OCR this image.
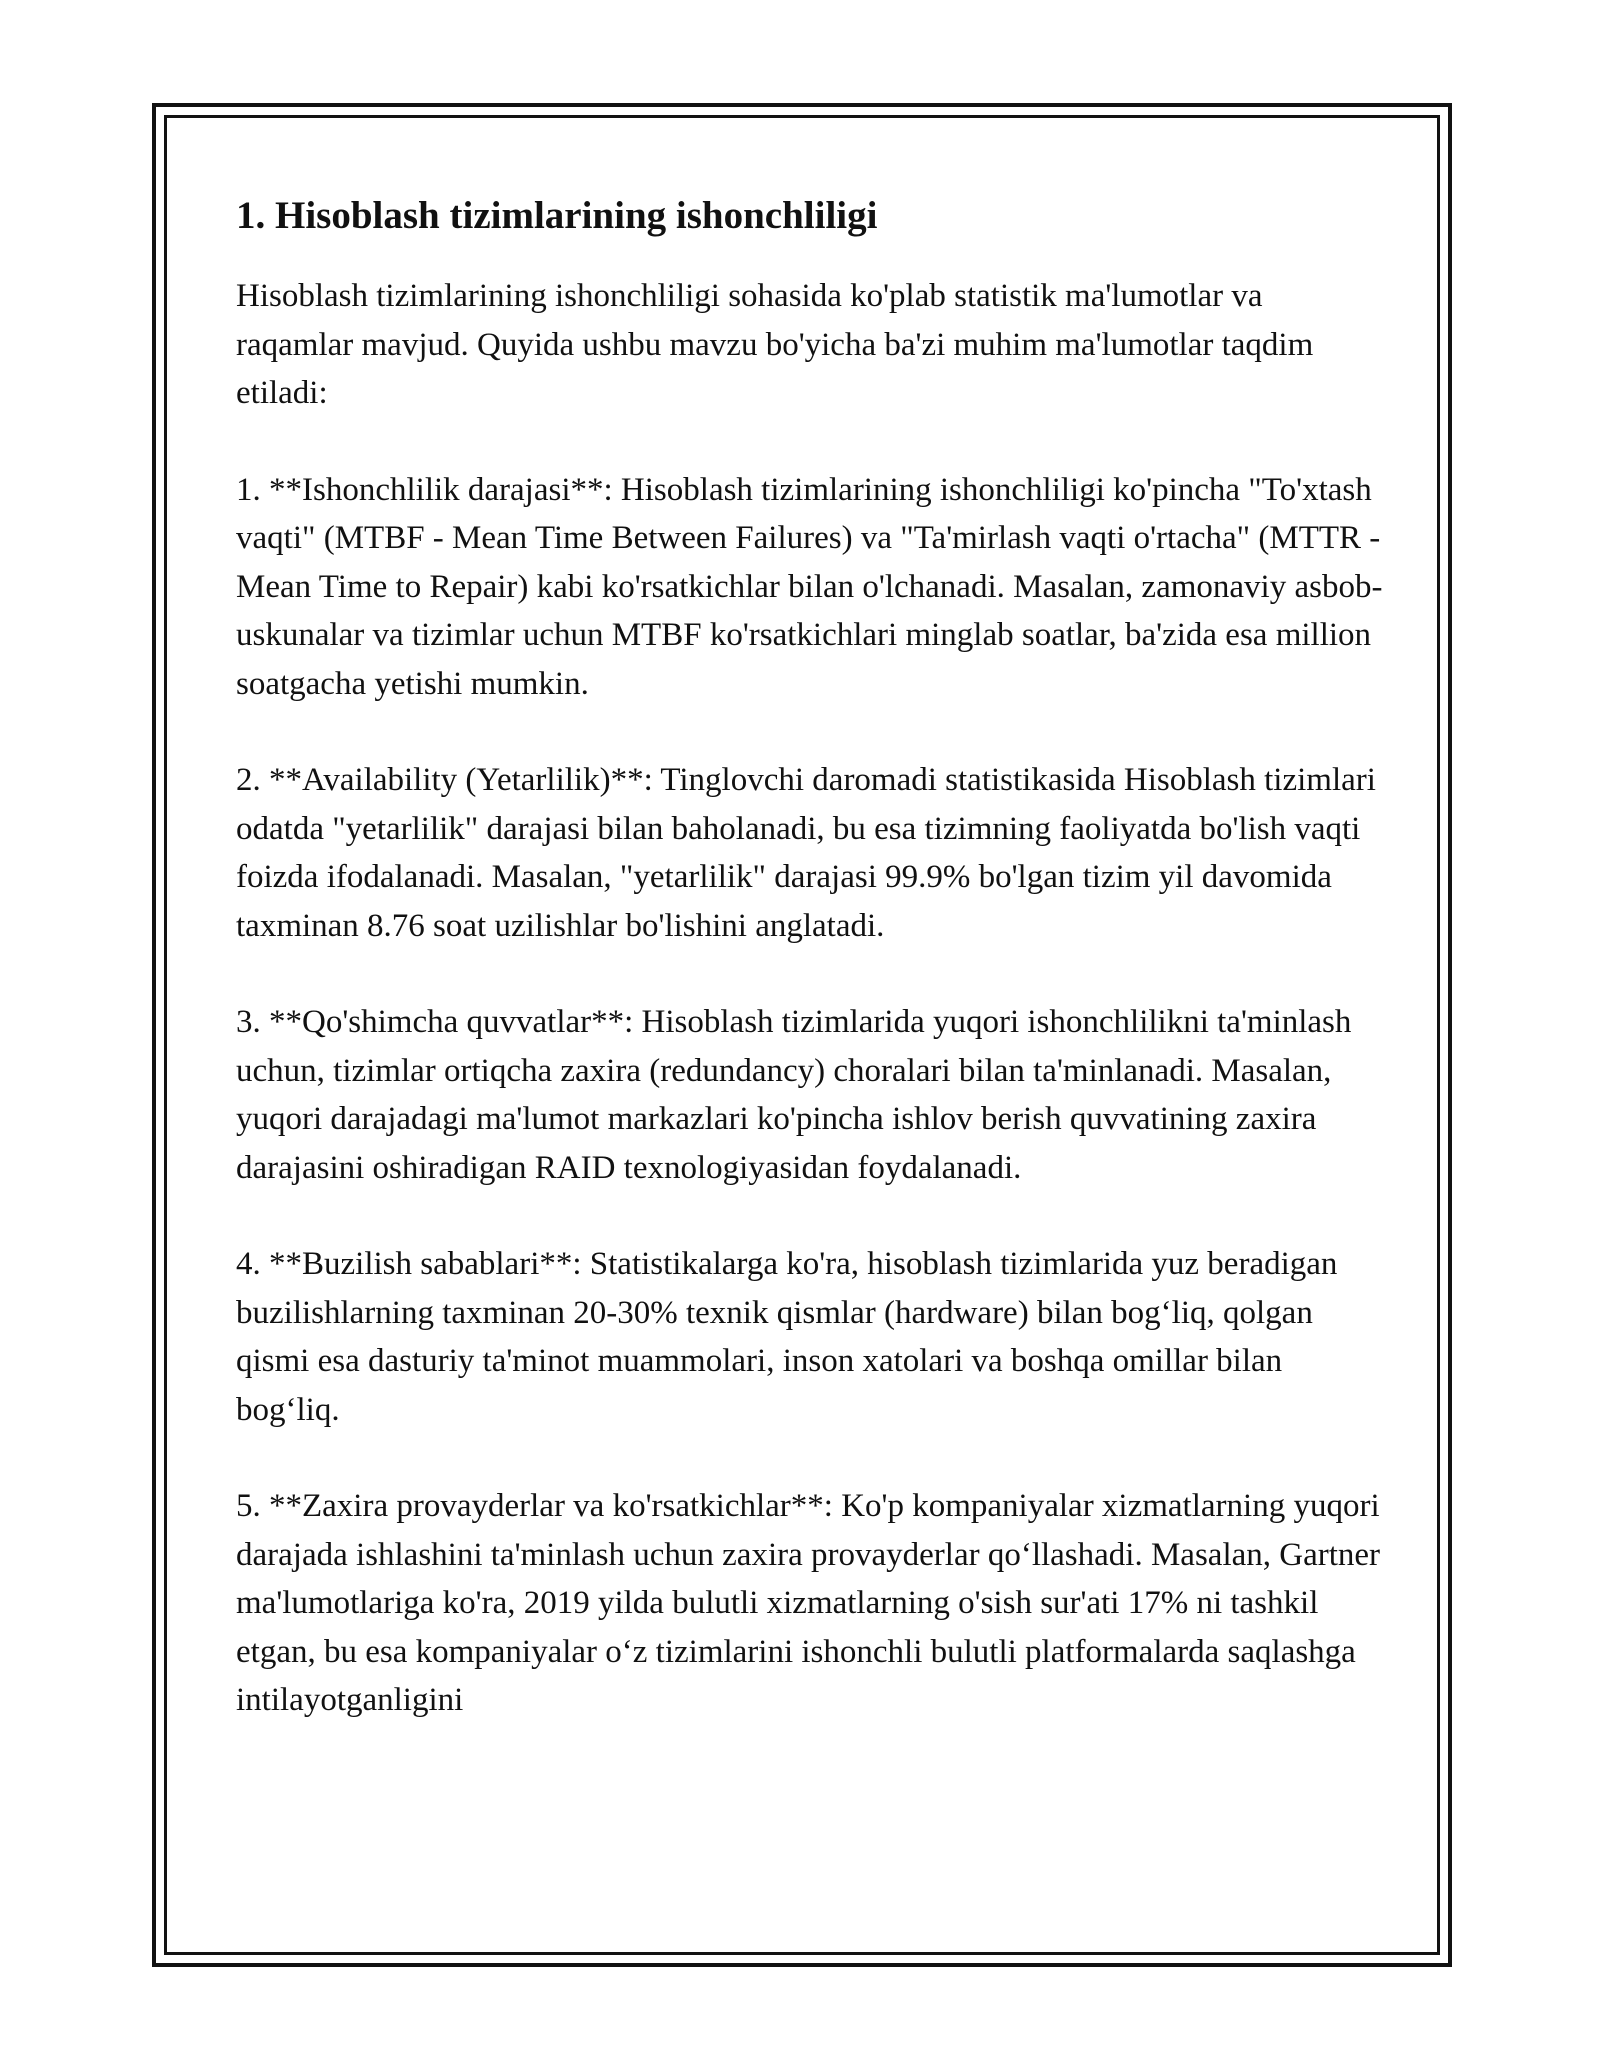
1. Hisoblash tizimlarining ishonchliligi

Hisoblash tizimlarining ishonchliligi sohasida ko'plab statistik ma'lumotlar va raqamlar mavjud. Quyida ushbu mavzu bo'yicha ba'zi muhim ma'lumotlar taqdim etiladi:

1. **Ishonchlilik darajasi**: Hisoblash tizimlarining ishonchliligi ko'pincha "To'xtash vaqti" (MTBF - Mean Time Between Failures) va "Ta'mirlash vaqti o'rtacha" (MTTR - Mean Time to Repair) kabi ko'rsatkichlar bilan o'lchanadi. Masalan, zamonaviy asbob-uskunalar va tizimlar uchun MTBF ko'rsatkichlari minglab soatlar, ba'zida esa million soatgacha yetishi mumkin.

2. **Availability (Yetarlilik)**: Tinglovchi daromadi statistikasida Hisoblash tizimlari odatda "yetarlilik" darajasi bilan baholanadi, bu esa tizimning faoliyatda bo'lish vaqti foizda ifodalanadi. Masalan, "yetarlilik" darajasi 99.9% bo'lgan tizim yil davomida taxminan 8.76 soat uzilishlar bo'lishini anglatadi.

3. **Qo'shimcha quvvatlar**: Hisoblash tizimlarida yuqori ishonchlilikni ta'minlash uchun, tizimlar ortiqcha zaxira (redundancy) choralari bilan ta'minlanadi. Masalan, yuqori darajadagi ma'lumot markazlari ko'pincha ishlov berish quvvatining zaxira darajasini oshiradigan RAID texnologiyasidan foydalanadi.

4. **Buzilish sabablari**: Statistikalarga ko'ra, hisoblash tizimlarida yuz beradigan buzilishlarning taxminan 20-30% texnik qismlar (hardware) bilan bog‘liq, qolgan qismi esa dasturiy ta'minot muammolari, inson xatolari va boshqa omillar bilan bog‘liq.

5. **Zaxira provayderlar va ko'rsatkichlar**: Ko'p kompaniyalar xizmatlarning yuqori darajada ishlashini ta'minlash uchun zaxira provayderlar qo‘llashadi. Masalan, Gartner ma'lumotlariga ko'ra, 2019 yilda bulutli xizmatlarning o'sish sur'ati 17% ni tashkil etgan, bu esa kompaniyalar o‘z tizimlarini ishonchli bulutli platformalarda saqlashga intilayotganligini
